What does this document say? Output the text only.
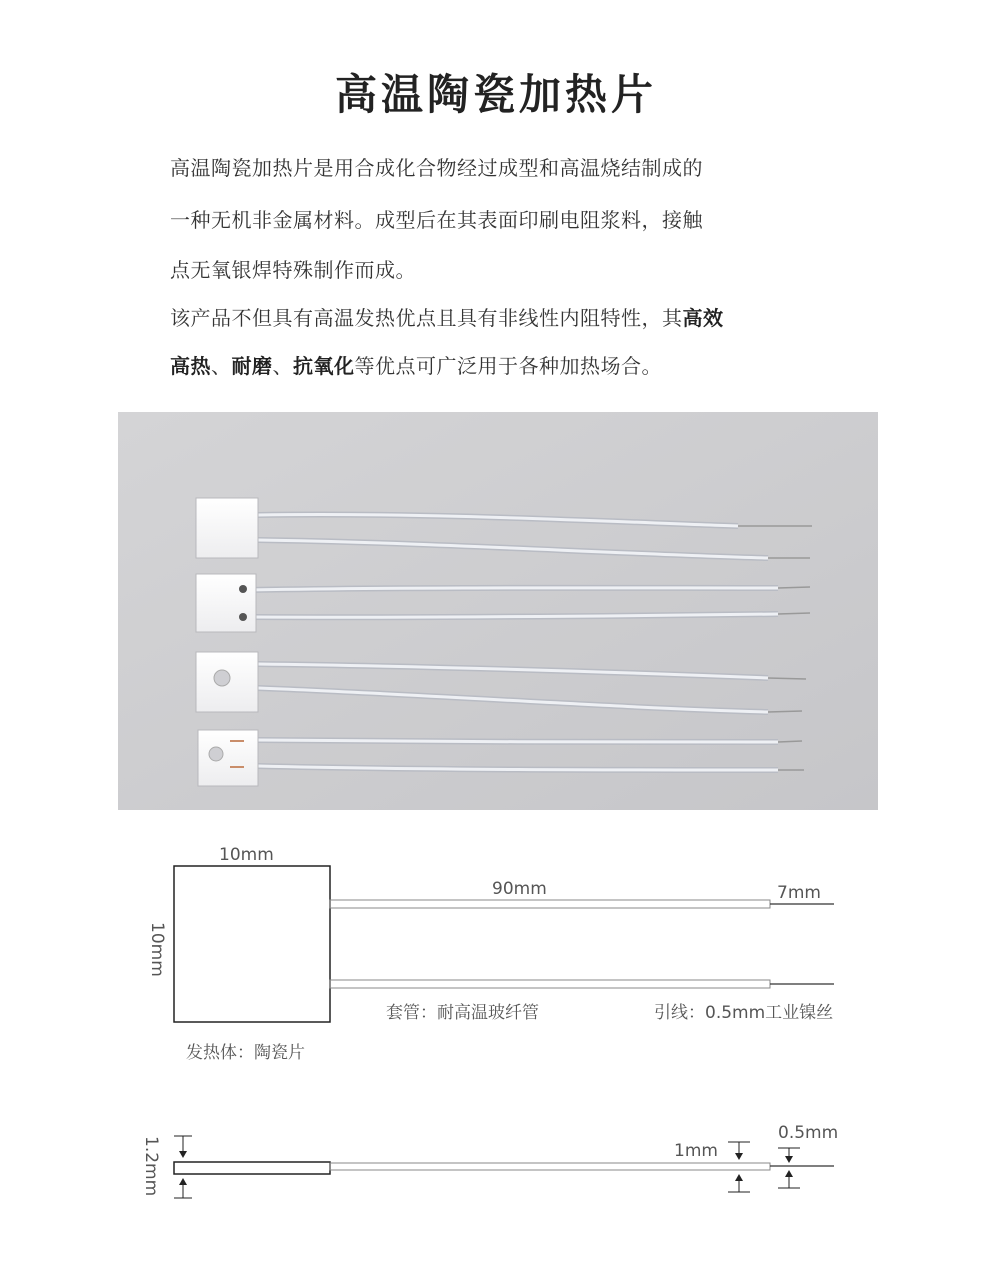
高温陶瓷加热片
高温陶瓷加热片是用合成化合物经过成型和高温烧结制成的
一种无机非金属材料。成型后在其表面印刷电阻浆料，接触
点无氧银焊特殊制作而成。
该产品不但具有高温发热优点且具有非线性内阻特性，其高效
高热、耐磨、抗氧化等优点可广泛用于各种加热场合。
10mm
10mm
90mm	7mm
套管：耐高温玻纤管	引线：0.5mm工业镍丝
发热体：陶瓷片
1.2mm	1mm
0.5mm
